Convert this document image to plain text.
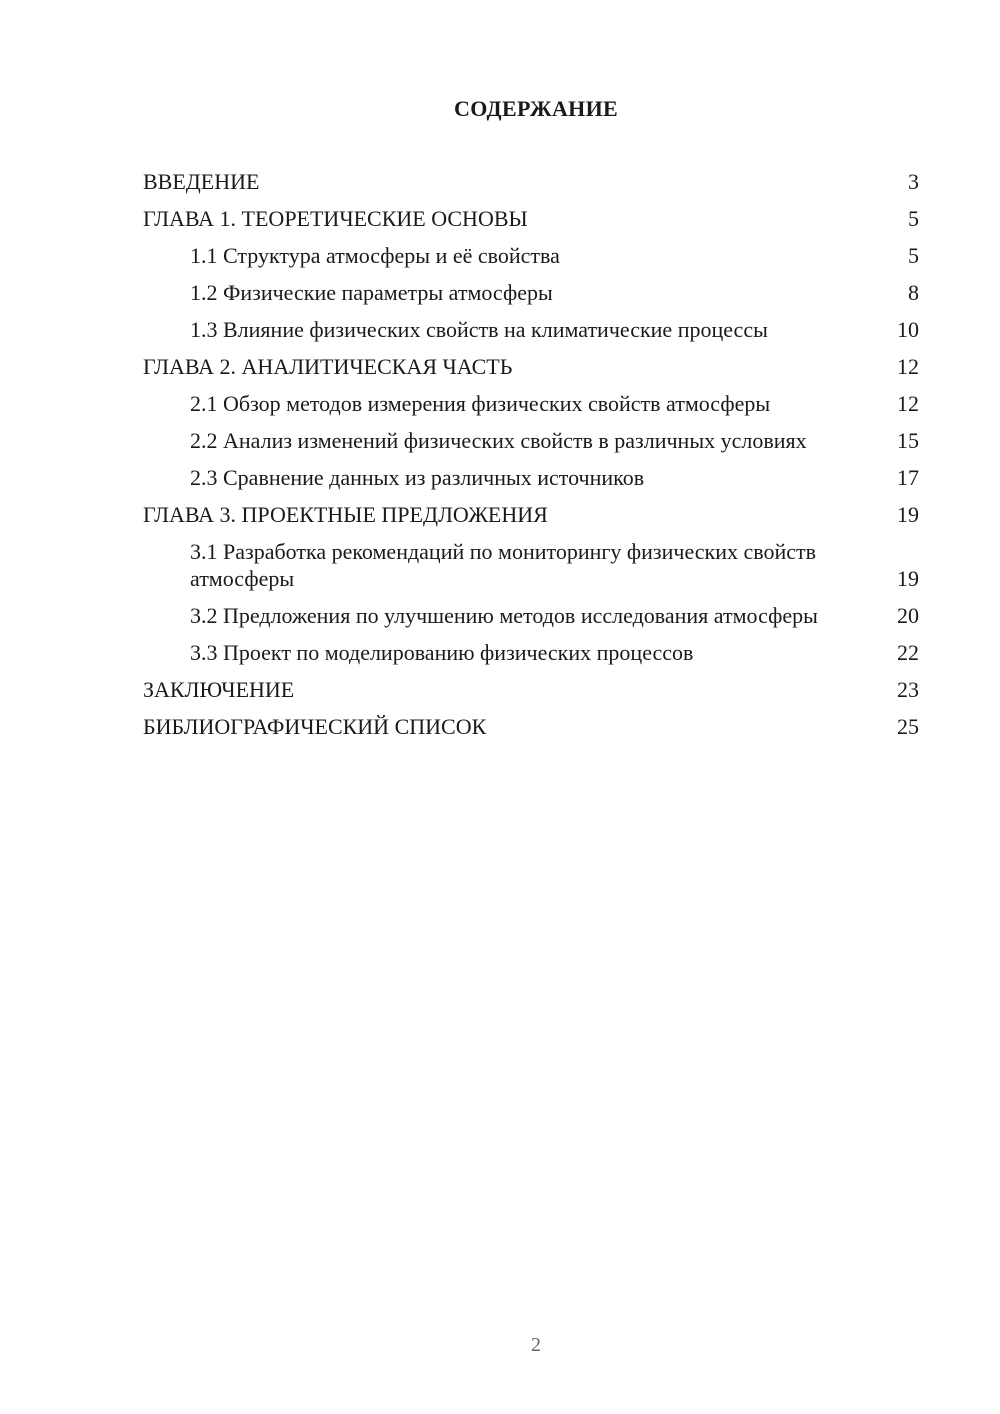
СОДЕРЖАНИЕ
ВВЕДЕНИЕ	3
ГЛАВА 1. ТЕОРЕТИЧЕСКИЕ ОСНОВЫ	5
1.1 Структура атмосферы и её свойства	5
1.2 Физические параметры атмосферы	8
1.3 Влияние физических свойств на климатические процессы	10
ГЛАВА 2. АНАЛИТИЧЕСКАЯ ЧАСТЬ	12
2.1 Обзор методов измерения физических свойств атмосферы	12
2.2 Анализ изменений физических свойств в различных условиях	15
2.3 Сравнение данных из различных источников	17
ГЛАВА 3. ПРОЕКТНЫЕ ПРЕДЛОЖЕНИЯ	19
3.1 Разработка рекомендаций по мониторингу физических свойств атмосферы	19
3.2 Предложения по улучшению методов исследования атмосферы	20
3.3 Проект по моделированию физических процессов	22
ЗАКЛЮЧЕНИЕ	23
БИБЛИОГРАФИЧЕСКИЙ СПИСОК	25
2
